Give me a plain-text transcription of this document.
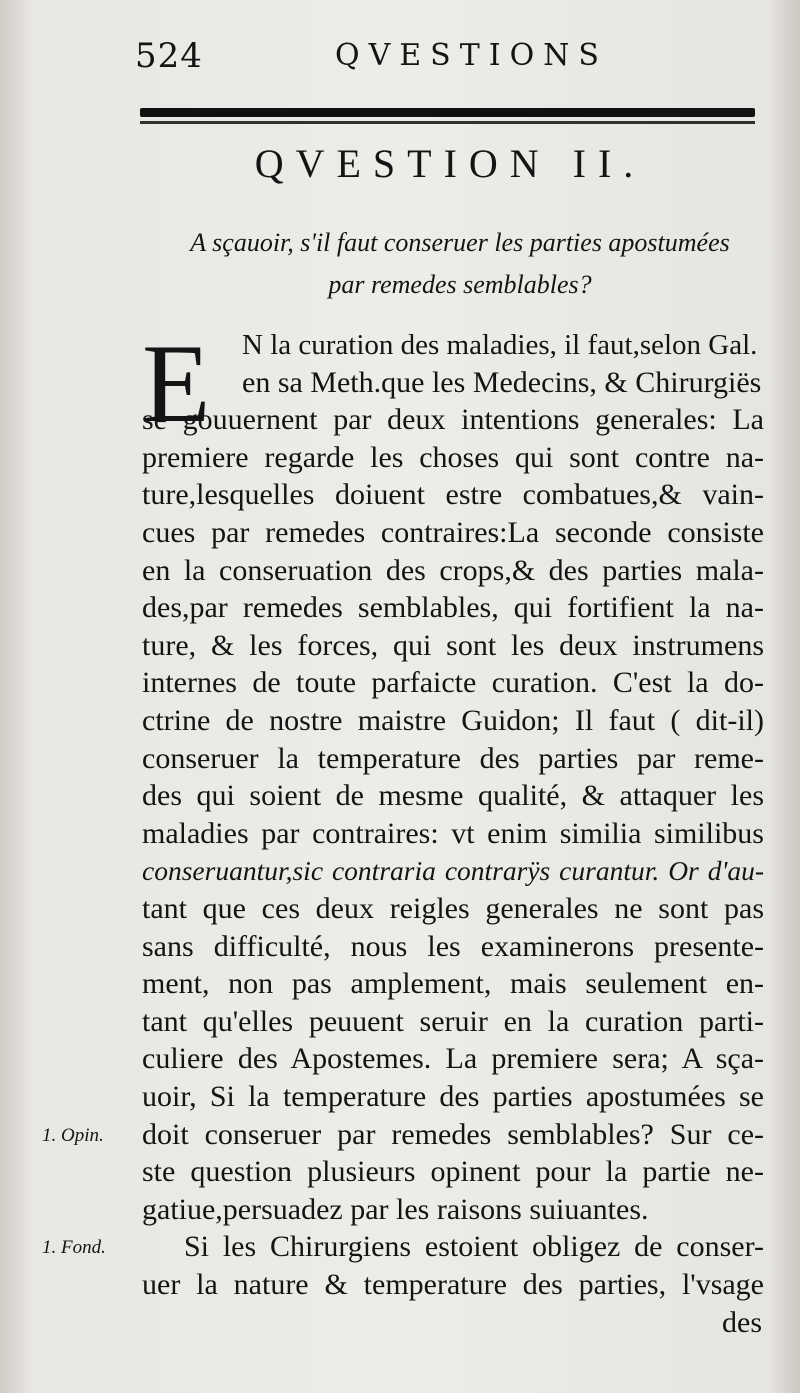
524	QVESTIONS
QVESTION II.
A sçauoir, s'il faut conseruer les parties apostumées
par remedes semblables?
E N la curation des maladies, il faut,selon Gal.
en sa Meth.que les Medecins, & Chirurgiës
se gouuernent par deux intentions generales: La
premiere regarde les choses qui sont contre na-
ture,lesquelles doiuent estre combatues,& vain-
cues par remedes contraires:La seconde consiste
en la conseruation des crops,& des parties mala-
des,par remedes semblables, qui fortifient la na-
ture, & les forces, qui sont les deux instrumens
internes de toute parfaicte curation. C'est la do-
ctrine de nostre maistre Guidon; Il faut ( dit-il)
conseruer la temperature des parties par reme-
des qui soient de mesme qualité, & attaquer les
maladies par contraires: vt enim similia similibus
conseruantur,sic contraria contrarÿs curantur. Or d'au-
tant que ces deux reigles generales ne sont pas
sans difficulté, nous les examinerons presente-
ment, non pas amplement, mais seulement en-
tant qu'elles peuuent seruir en la curation parti-
culiere des Apostemes. La premiere sera; A sça-
uoir, Si la temperature des parties apostumées se
doit conseruer par remedes semblables? Sur ce-
ste question plusieurs opinent pour la partie ne-
gatiue,persuadez par les raisons suiuantes.
Si les Chirurgiens estoient obligez de conser-
uer la nature & temperature des parties, l'vsage
des
1. Opin.
1. Fond.
